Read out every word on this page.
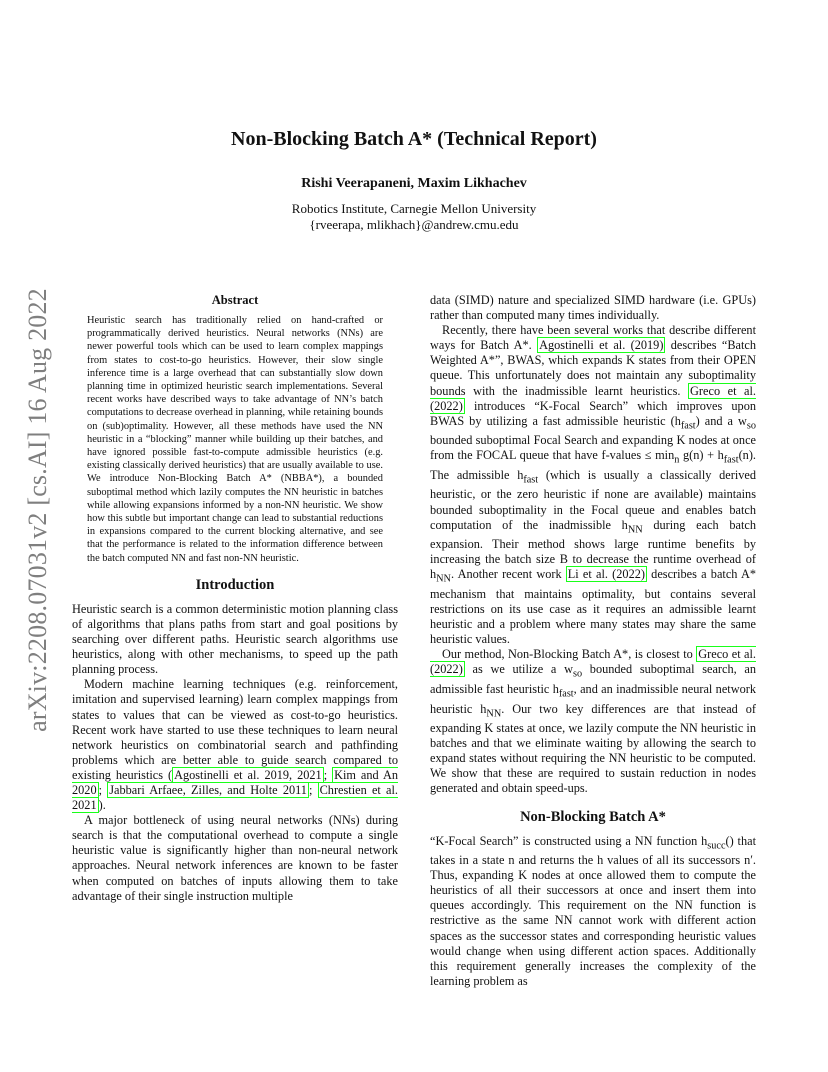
arXiv:2208.07031v2 [cs.AI] 16 Aug 2022
Non-Blocking Batch A* (Technical Report)
Rishi Veerapaneni, Maxim Likhachev
Robotics Institute, Carnegie Mellon University
{rveerapa, mlikhach}@andrew.cmu.edu
Abstract
Heuristic search has traditionally relied on hand-crafted or programmatically derived heuristics. Neural networks (NNs) are newer powerful tools which can be used to learn complex mappings from states to cost-to-go heuristics. However, their slow single inference time is a large overhead that can substantially slow down planning time in optimized heuristic search implementations. Several recent works have described ways to take advantage of NN’s batch computations to decrease overhead in planning, while retaining bounds on (sub)optimality. However, all these methods have used the NN heuristic in a “blocking” manner while building up their batches, and have ignored possible fast-to-compute admissible heuristics (e.g. existing classically derived heuristics) that are usually available to use. We introduce Non-Blocking Batch A* (NBBA*), a bounded suboptimal method which lazily computes the NN heuristic in batches while allowing expansions informed by a non-NN heuristic. We show how this subtle but important change can lead to substantial reductions in expansions compared to the current blocking alternative, and see that the performance is related to the information difference between the batch computed NN and fast non-NN heuristic.
Introduction

Heuristic search is a common deterministic motion planning class of algorithms that plans paths from start and goal positions by searching over different paths. Heuristic search algorithms use heuristics, along with other mechanisms, to speed up the path planning process.

Modern machine learning techniques (e.g. reinforcement, imitation and supervised learning) learn complex mappings from states to values that can be viewed as cost-to-go heuristics. Recent work have started to use these techniques to learn neural network heuristics on combinatorial search and pathfinding problems which are better able to guide search compared to existing heuristics ( Agostinelli et al. 2019, 2021 ; Kim and An 2020 ; Jabbari Arfaee, Zilles, and Holte 2011 ; Chrestien et al. 2021 ).

A major bottleneck of using neural networks (NNs) during search is that the computational overhead to compute a single heuristic value is significantly higher than non-neural network approaches. Neural network inferences are known to be faster when computed on batches of inputs allowing them to take advantage of their single instruction multiple

data (SIMD) nature and specialized SIMD hardware (i.e. GPUs) rather than computed many times individually.

Recently, there have been several works that describe different ways for Batch A*. Agostinelli et al. (2019) describes “Batch Weighted A*”, BWAS, which expands K states from their OPEN queue. This unfortunately does not maintain any suboptimality bounds with the inadmissible learnt heuristics. Greco et al. (2022) introduces “K-Focal Search” which improves upon BWAS by utilizing a fast admissible heuristic $(h_{fast})$ and a $w_{so}$ bounded suboptimal Focal Search and expanding K nodes at once from the FOCAL queue that have f-values ≤ $\min_n g(n) + h_{fast}(n)$. The admissible $h_{fast}$ (which is usually a classically derived heuristic, or the zero heuristic if none are available) maintains bounded suboptimality in the Focal queue and enables batch computation of the inadmissible $h_{NN}$ during each batch expansion. Their method shows large runtime benefits by increasing the batch size B to decrease the runtime overhead of $h_{NN}$. Another recent work Li et al. (2022) describes a batch A* mechanism that maintains optimality, but contains several restrictions on its use case as it requires an admissible learnt heuristic and a problem where many states may share the same heuristic values.

Our method, Non-Blocking Batch A*, is closest to Greco et al. (2022) as we utilize a $w_{so}$ bounded suboptimal search, an admissible fast heuristic $h_{fast}$, and an inadmissible neural network heuristic $h_{NN}$. Our two key differences are that instead of expanding K states at once, we lazily compute the NN heuristic in batches and that we eliminate waiting by allowing the search to expand states without requiring the NN heuristic to be computed. We show that these are required to sustain reduction in nodes generated and obtain speed-ups.

Non-Blocking Batch A*

“K-Focal Search” is constructed using a NN function $h_{succ}()$ that takes in a state n and returns the h values of all its successors n′. Thus, expanding K nodes at once allowed them to compute the heuristics of all their successors at once and insert them into queues accordingly. This requirement on the NN function is restrictive as the same NN cannot work with different action spaces as the successor states and corresponding heuristic values would change when using different action spaces. Additionally this requirement generally increases the complexity of the learning problem as
